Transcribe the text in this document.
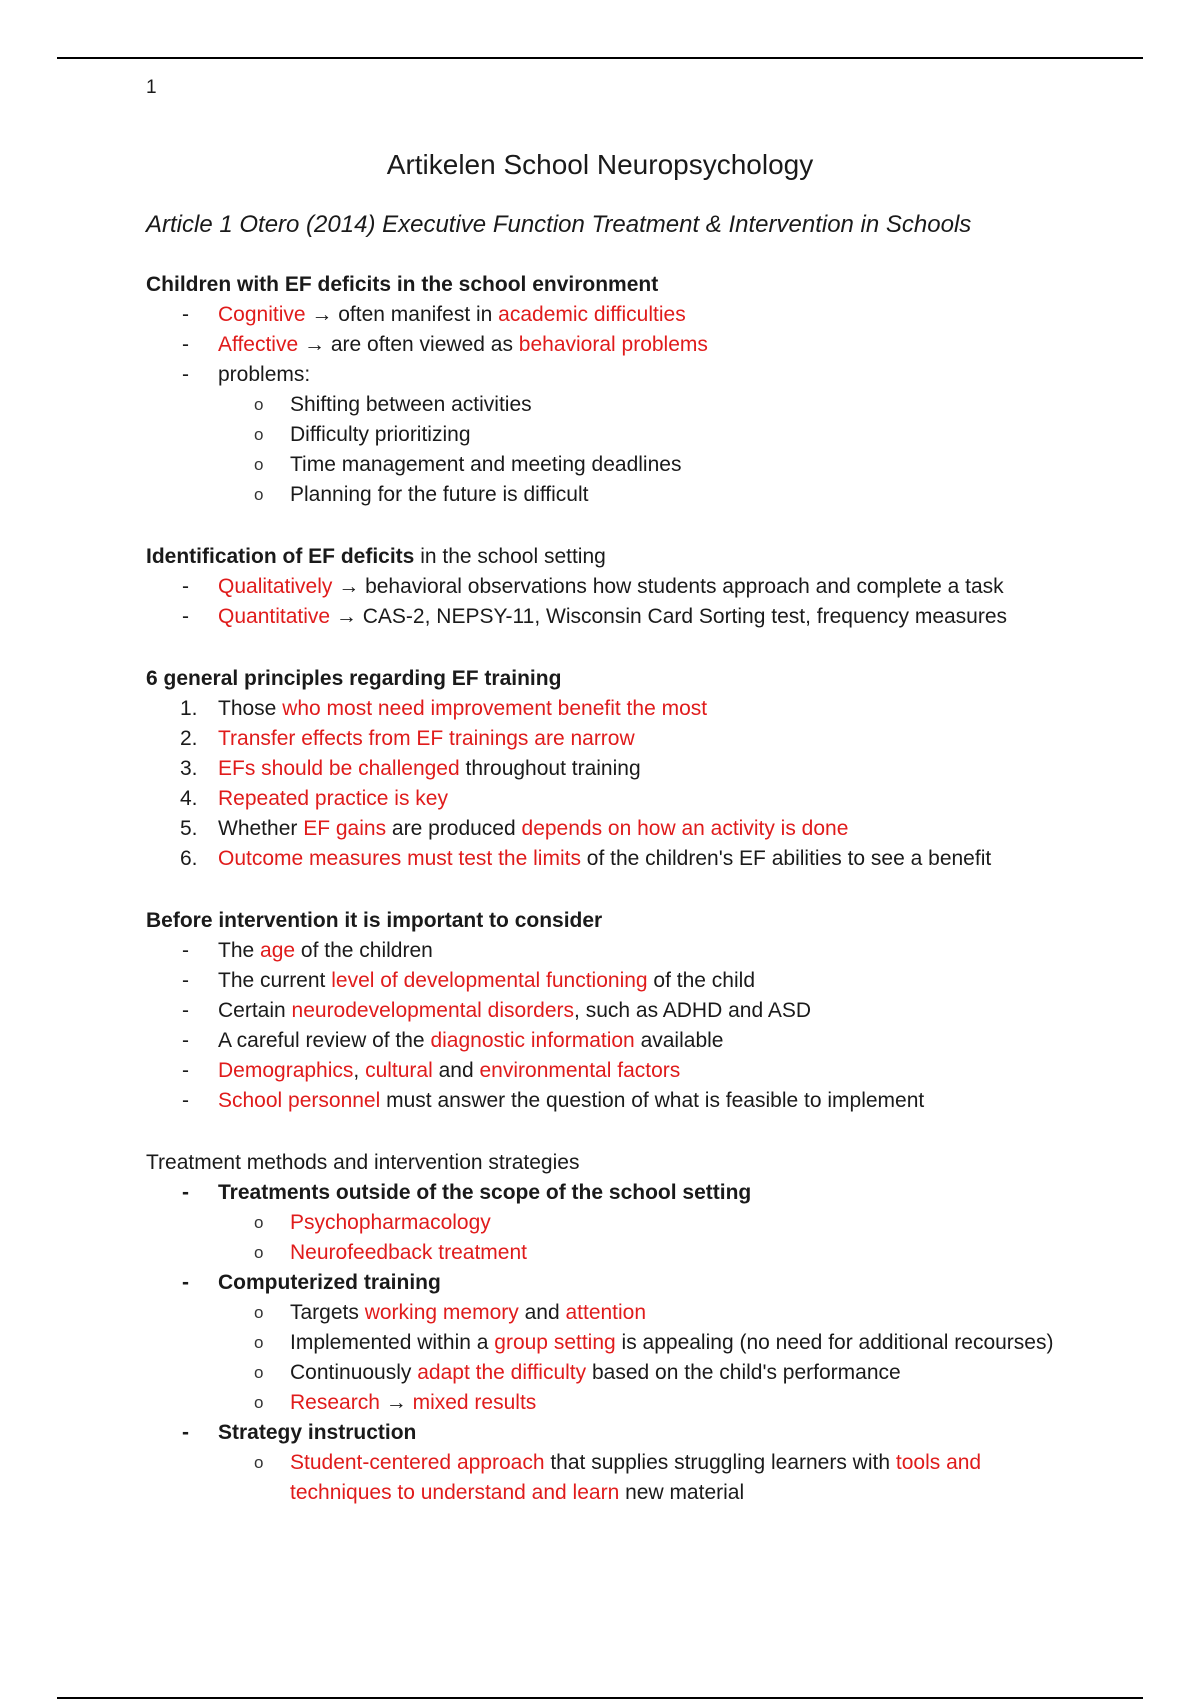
1

Artikelen School Neuropsychology
Article 1 Otero (2014) Executive Function Treatment & Intervention in Schools

Children with EF deficits in the school environment

- Cognitive → often manifest in academic difficulties
- Affective → are often viewed as behavioral problems
- problems:
o Shifting between activities
o Difficulty prioritizing
o Time management and meeting deadlines
o Planning for the future is difficult

Identification of EF deficits in the school setting

- Qualitatively → behavioral observations how students approach and complete a task
- Quantitative → CAS-2, NEPSY-11, Wisconsin Card Sorting test, frequency measures

6 general principles regarding EF training

1. Those who most need improvement benefit the most
2. Transfer effects from EF trainings are narrow
3. EFs should be challenged throughout training
4. Repeated practice is key
5. Whether EF gains are produced depends on how an activity is done
6. Outcome measures must test the limits of the children's EF abilities to see a benefit

Before intervention it is important to consider

- The age of the children
- The current level of developmental functioning of the child
- Certain neurodevelopmental disorders, such as ADHD and ASD
- A careful review of the diagnostic information available
- Demographics, cultural and environmental factors
- School personnel must answer the question of what is feasible to implement

Treatment methods and intervention strategies

- Treatments outside of the scope of the school setting
o Psychopharmacology
o Neurofeedback treatment
- Computerized training
o Targets working memory and attention
o Implemented within a group setting is appealing (no need for additional recourses)
o Continuously adapt the difficulty based on the child's performance
o Research → mixed results
- Strategy instruction
o Student-centered approach that supplies struggling learners with tools and techniques to understand and learn new material
